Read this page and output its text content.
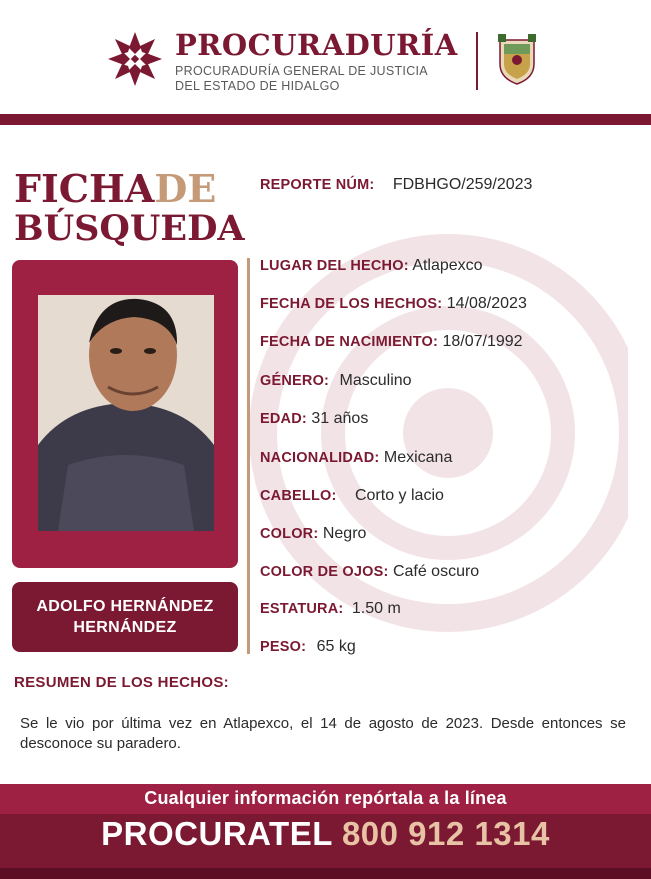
PROCURADURÍA
PROCURADURÍA GENERAL DE JUSTICIA
DEL ESTADO DE HIDALGO
FICHADE
BÚSQUEDA
ADOLFO HERNÁNDEZ
HERNÁNDEZ
REPORTE NÚM: FDBHGO/259/2023
LUGAR DEL HECHO: Atlapexco
FECHA DE LOS HECHOS: 14/08/2023
FECHA DE NACIMIENTO: 18/07/1992
GÉNERO: Masculino
EDAD: 31 años
NACIONALIDAD: Mexicana
CABELLO: Corto y lacio
COLOR: Negro
COLOR DE OJOS: Café oscuro
ESTATURA: 1.50 m
PESO: 65 kg
RESUMEN DE LOS HECHOS:
Se le vio por última vez en Atlapexco, el 14 de agosto de 2023. Desde entonces se desconoce su paradero.
Cualquier información repórtala a la línea
PROCURATEL 800 912 1314
